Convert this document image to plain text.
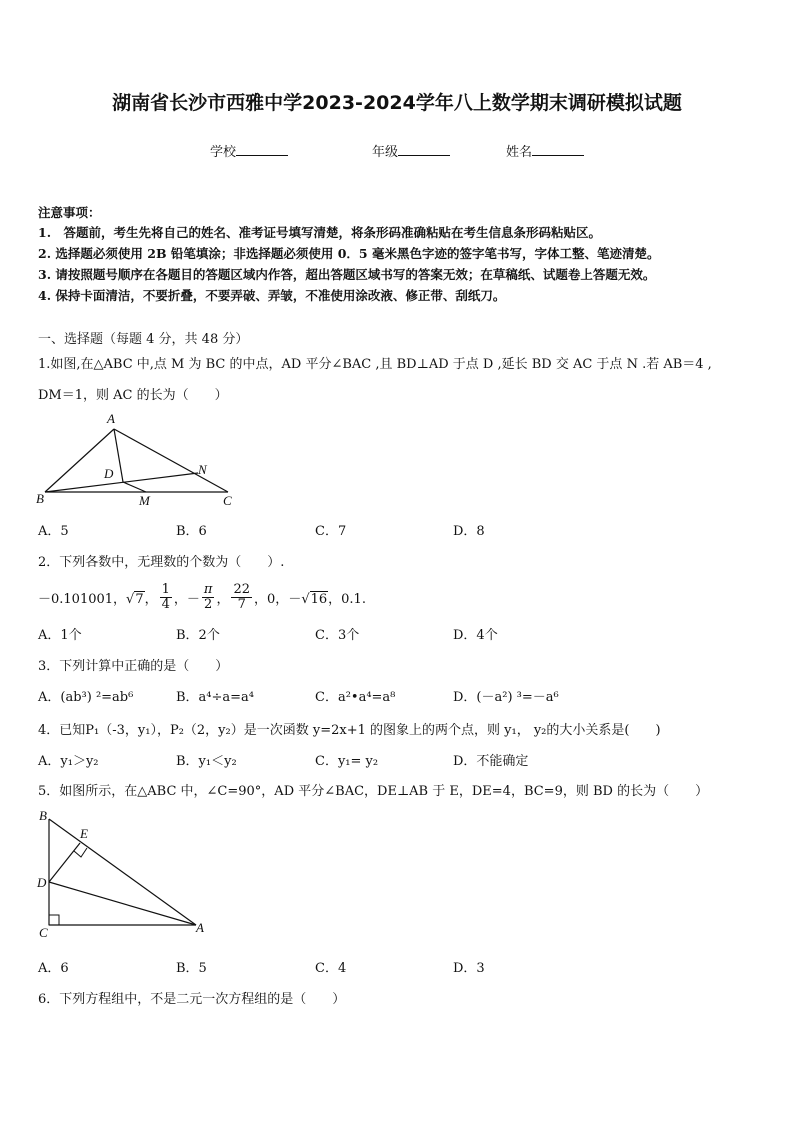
湖南省长沙市西雅中学2023-2024学年八上数学期末调研模拟试题
学校	年级	姓名
注意事项：
1.　答题前，考生先将自己的姓名、准考证号填写清楚，将条形码准确粘贴在考生信息条形码粘贴区。
2. 选择题必须使用 2B 铅笔填涂；非选择题必须使用 0．5 毫米黑色字迹的签字笔书写，字体工整、笔迹清楚。
3. 请按照题号顺序在各题目的答题区域内作答，超出答题区域书写的答案无效；在草稿纸、试题卷上答题无效。
4. 保持卡面清洁，不要折叠，不要弄破、弄皱，不准使用涂改液、修正带、刮纸刀。
一、选择题（每题 4 分，共 48 分）
1.如图,在△ABC 中,点 M 为 BC 的中点，AD 平分∠BAC ,且 BD⊥AD 于点 D ,延长 BD 交 AC 于点 N .若 AB＝4 ,
DM＝1，则 AC 的长为（　　）
A
B	C
D
M
N
A．5	B．6	C．7	D．8
2．下列各数中，无理数的个数为（　　）.
－0.101001， √7， $\frac{1}{4}$ ，－ $\frac{\pi}{2}$ ， $\frac{22}{7}$ ，0， －√16 ，0.1.
A．1个	B．2个	C．3个	D．4个
3．下列计算中正确的是（　　）
A．(ab³) ²=ab⁶	B．a⁴÷a=a⁴	C．a²•a⁴=a⁸	D．(－a²) ³=－a⁶
4．已知P₁（-3，y₁），P₂（2，y₂）是一次函数 y=2x+1 的图象上的两个点，则 y₁， y₂的大小关系是(　　)
A．y₁＞y₂	B．y₁＜y₂	C．y₁= y₂	D．不能确定
5．如图所示，在△ABC 中，∠C=90°，AD 平分∠BAC，DE⊥AB 于 E，DE=4，BC=9，则 BD 的长为（　　）
B
E
D
C	A
A．6	B．5	C．4	D．3
6．下列方程组中，不是二元一次方程组的是（　　）
